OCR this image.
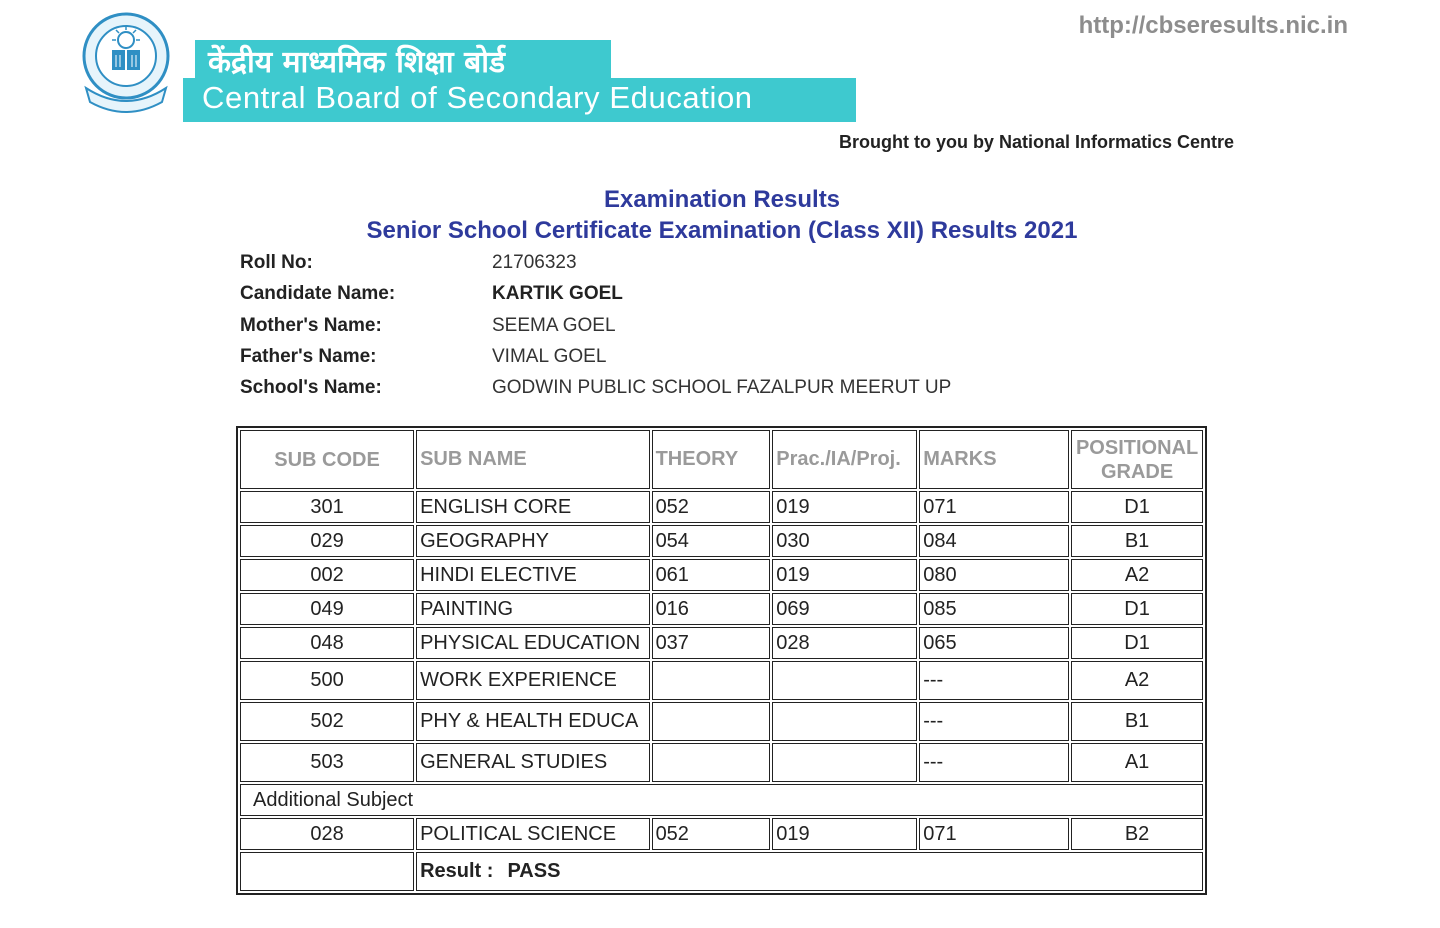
केंद्रीय माध्यमिक शिक्षा बोर्ड
Central Board of Secondary Education
http://cbseresults.nic.in
Brought to you by National Informatics Centre
Examination Results
Senior School Certificate Examination (Class XII) Results 2021
Roll No:	21706323
Candidate Name:	KARTIK GOEL
Mother's Name:	SEEMA GOEL
Father's Name:	VIMAL GOEL
School's Name:	GODWIN PUBLIC SCHOOL FAZALPUR MEERUT UP
SUB CODE	SUB NAME	THEORY	Prac./IA/Proj.	MARKS	POSITIONAL
GRADE
301	ENGLISH CORE	052	019	071	D1
029	GEOGRAPHY	054	030	084	B1
002	HINDI ELECTIVE	061	019	080	A2
049	PAINTING	016	069	085	D1
048	PHYSICAL EDUCATION	037	028	065	D1
500	WORK EXPERIENCE			---	A2
502	PHY & HEALTH EDUCA			---	B1
503	GENERAL STUDIES			---	A1
Additional Subject					
028	POLITICAL SCIENCE	052	019	071	B2
	Result : PASS				
